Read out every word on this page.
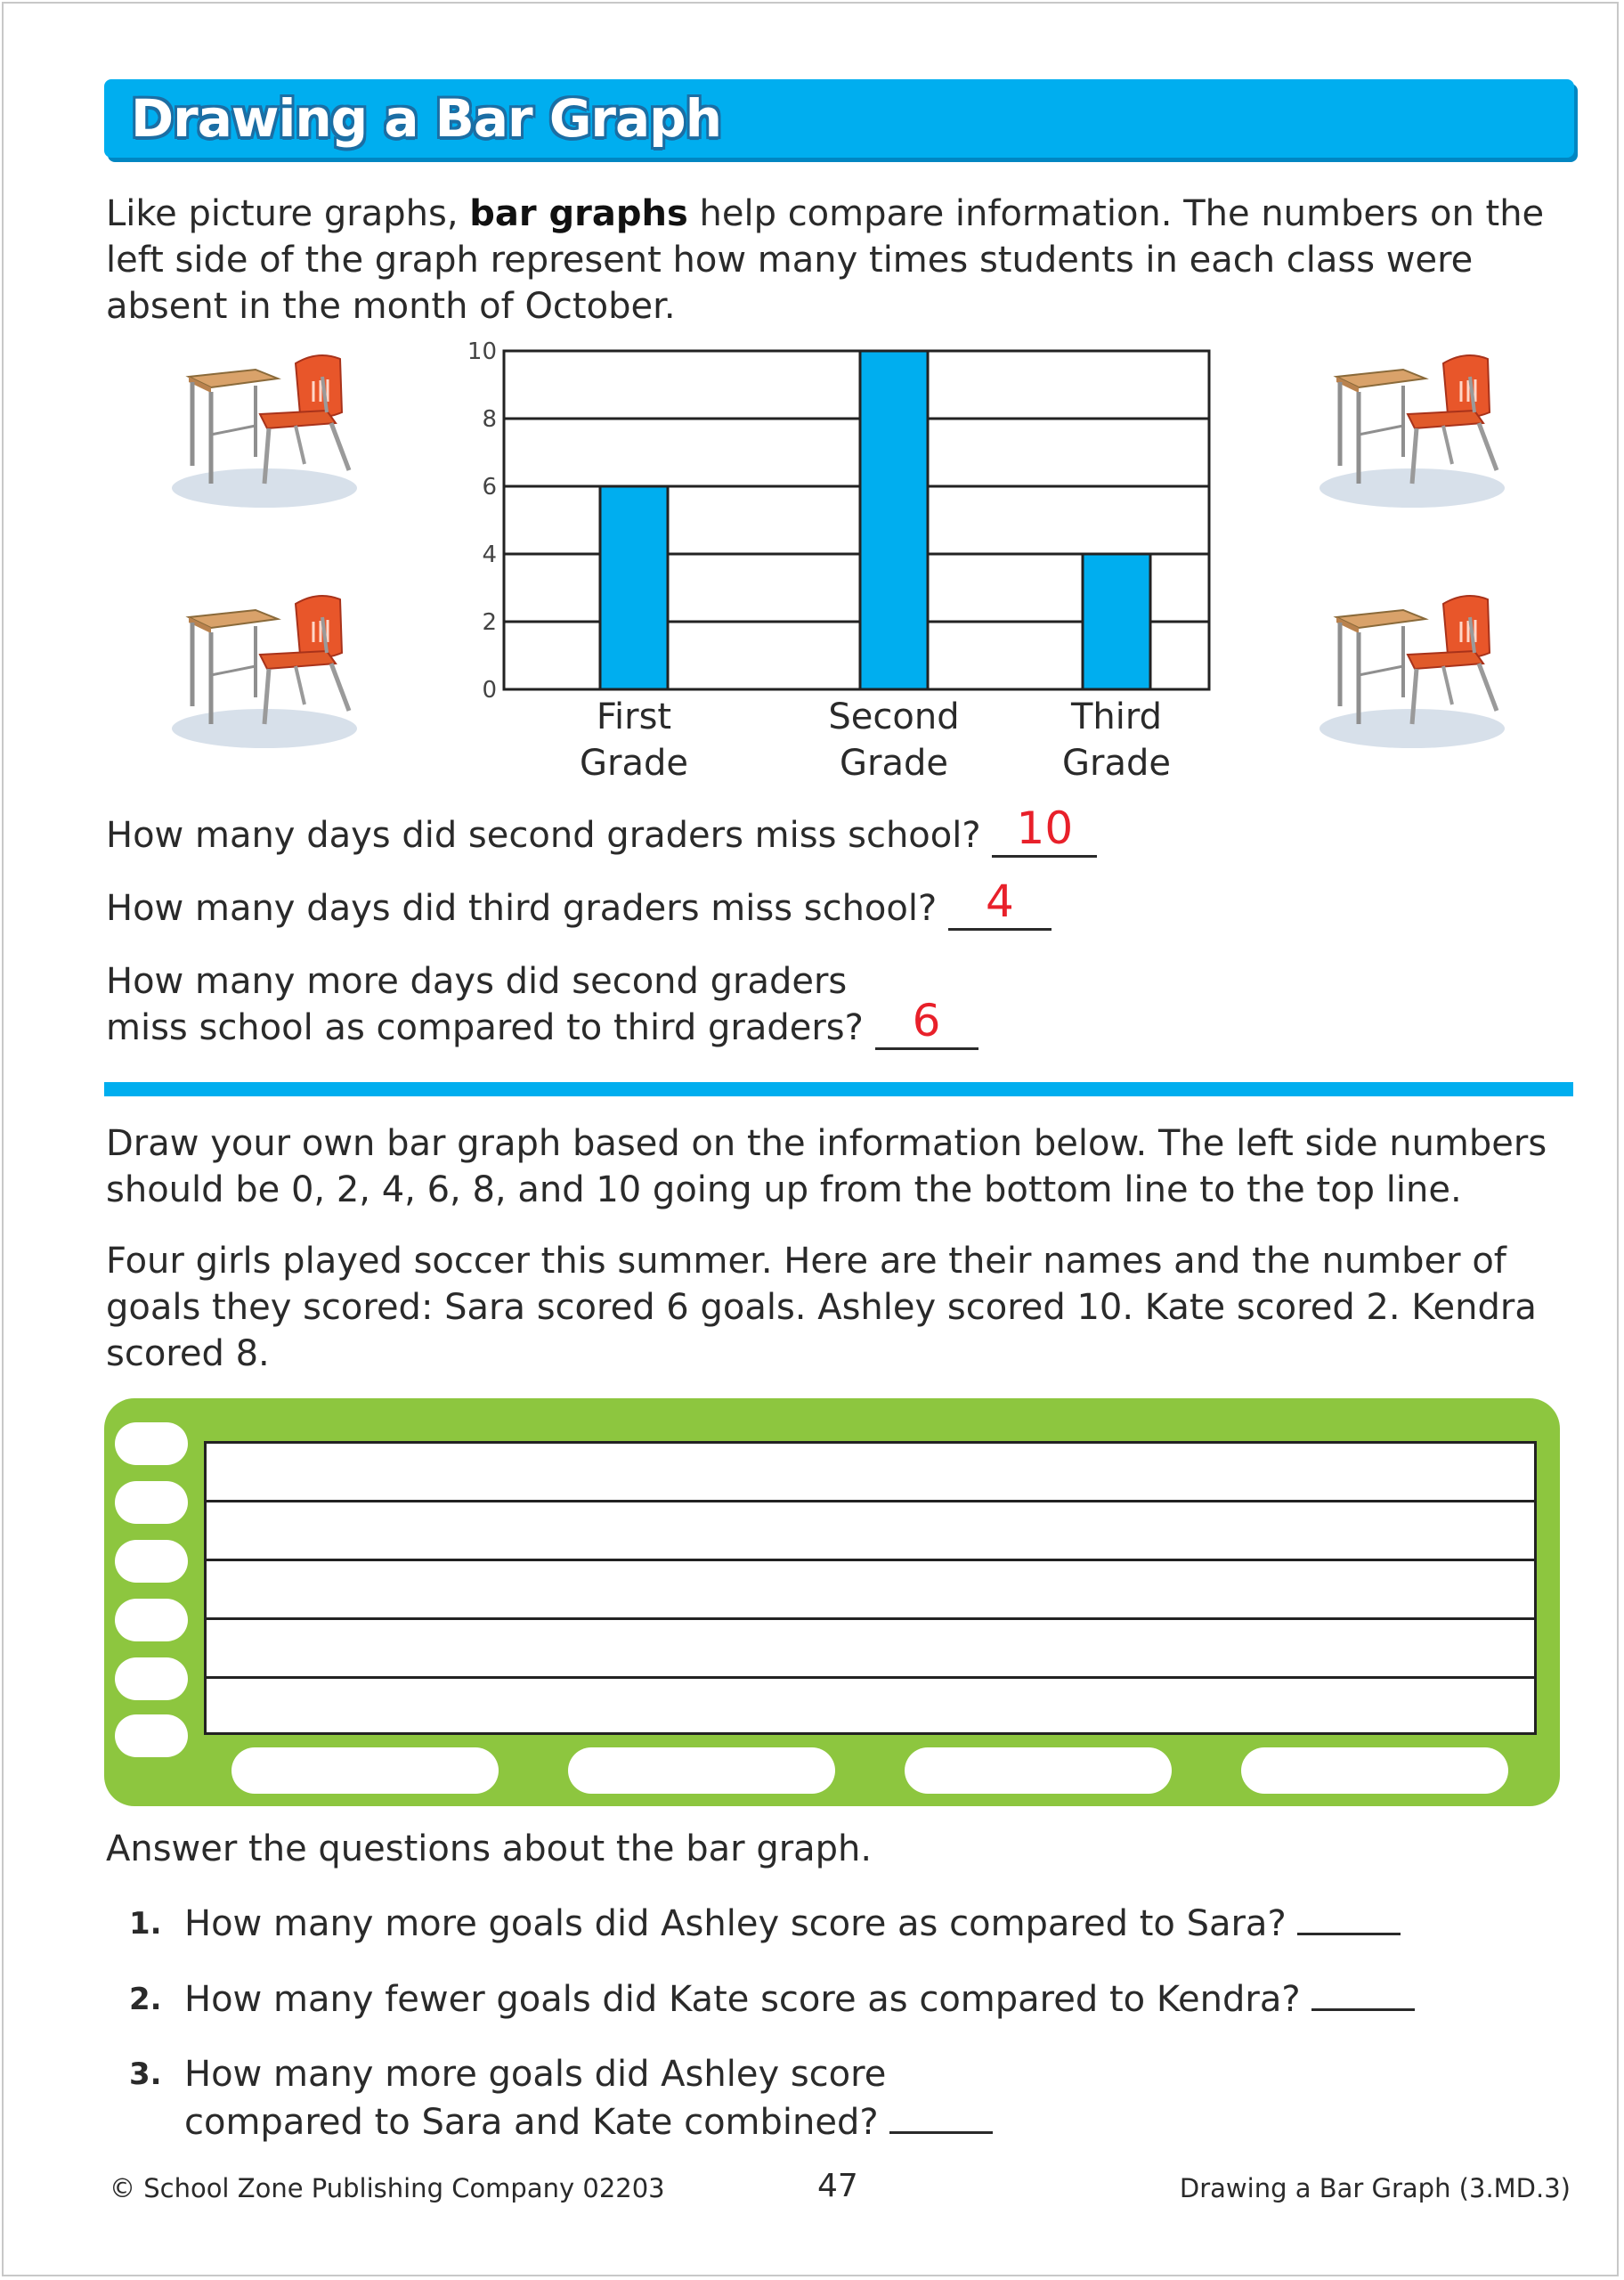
Drawing a Bar Graph
Like picture graphs, bar graphs help compare information. The numbers on the left side of the graph represent how many times students in each class were absent in the month of October.
0
2
4
6
8
10
First
Grade
Second
Grade
Third
Grade
How many days did second graders miss school? 10
How many days did third graders miss school? 4
How many more days did second graders
miss school as compared to third graders? 6
Draw your own bar graph based on the information below. The left side numbers should be 0, 2, 4, 6, 8, and 10 going up from the bottom line to the top line.
Four girls played soccer this summer. Here are their names and the number of goals they scored: Sara scored 6 goals. Ashley scored 10. Kate scored 2. Kendra scored 8.
Answer the questions about the bar graph.
1. How many more goals did Ashley score as compared to Sara?
2. How many fewer goals did Kate score as compared to Kendra?
3. How many more goals did Ashley score
compared to Sara and Kate combined?
© School Zone Publishing Company 02203	47	Drawing a Bar Graph (3.MD.3)
